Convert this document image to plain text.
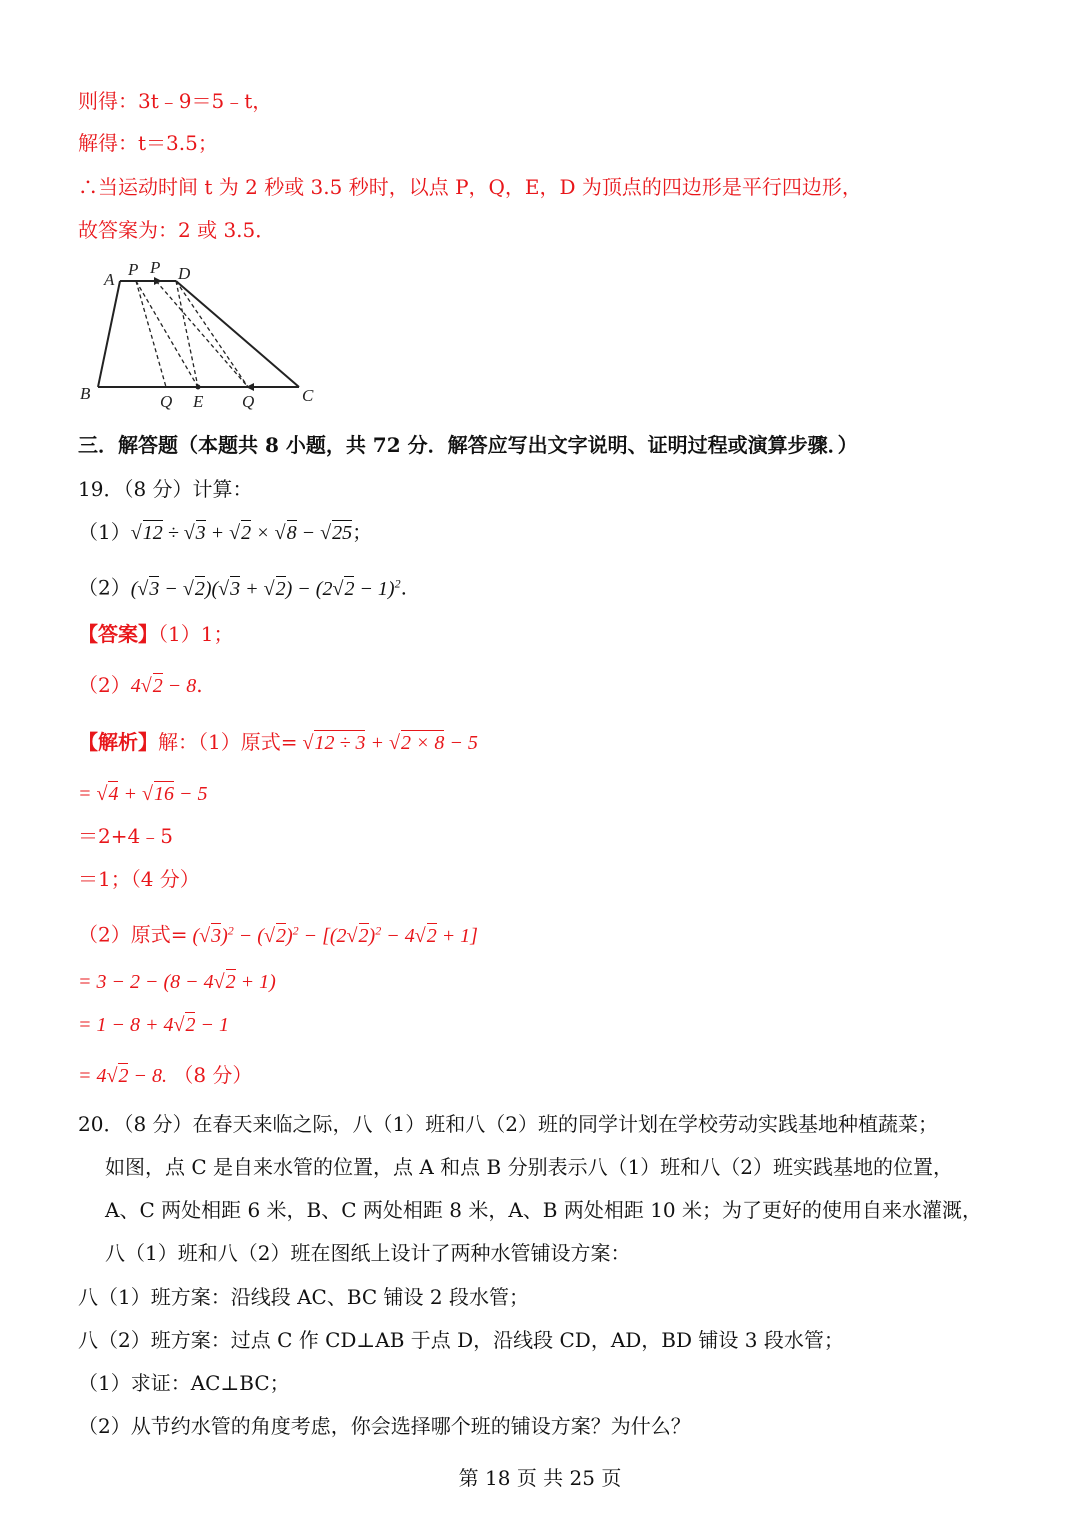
则得：3t﹣9＝5﹣t，
解得：t＝3.5；
∴当运动时间 t 为 2 秒或 3.5 秒时，以点 P，Q，E，D 为顶点的四边形是平行四边形，
故答案为：2 或 3.5．
A
P P D
B	Q E Q	C
三．解答题（本题共 8 小题，共 72 分．解答应写出文字说明、证明过程或演算步骤．）
19．（8 分）计算：
（1）√12 ÷ √3 + √2 × √8 − √25；
$(2)(√3 - √2)(√3 + √2) - (2√2 - 1)^2$.
【答案】（1）1；
（2）4√2 − 8.
【解析】解：（1）原式= √12 ÷ 3 + √2 × 8 − 5
= √4 + √16 − 5
＝2+4﹣5
＝1；（4 分）
（2）原式= $(√3)^2 - (√2)^2 - [(2√2)^2 - 4√2 + 1]$
= 3 − 2 − (8 − 4√2 + 1)
= 1 − 8 + 4√2 − 1
= 4√2 − 8. （8 分）
20．（8 分）在春天来临之际，八（1）班和八（2）班的同学计划在学校劳动实践基地种植蔬菜；
如图，点 C 是自来水管的位置，点 A 和点 B 分别表示八（1）班和八（2）班实践基地的位置，
A、C 两处相距 6 米，B、C 两处相距 8 米，A、B 两处相距 10 米；为了更好的使用自来水灌溉，
八（1）班和八（2）班在图纸上设计了两种水管铺设方案：
八（1）班方案：沿线段 AC、BC 铺设 2 段水管；
八（2）班方案：过点 C 作 CD⊥AB 于点 D，沿线段 CD，AD，BD 铺设 3 段水管；
（1）求证：AC⊥BC；
（2）从节约水管的角度考虑，你会选择哪个班的铺设方案？为什么？
第 18 页 共 25 页
